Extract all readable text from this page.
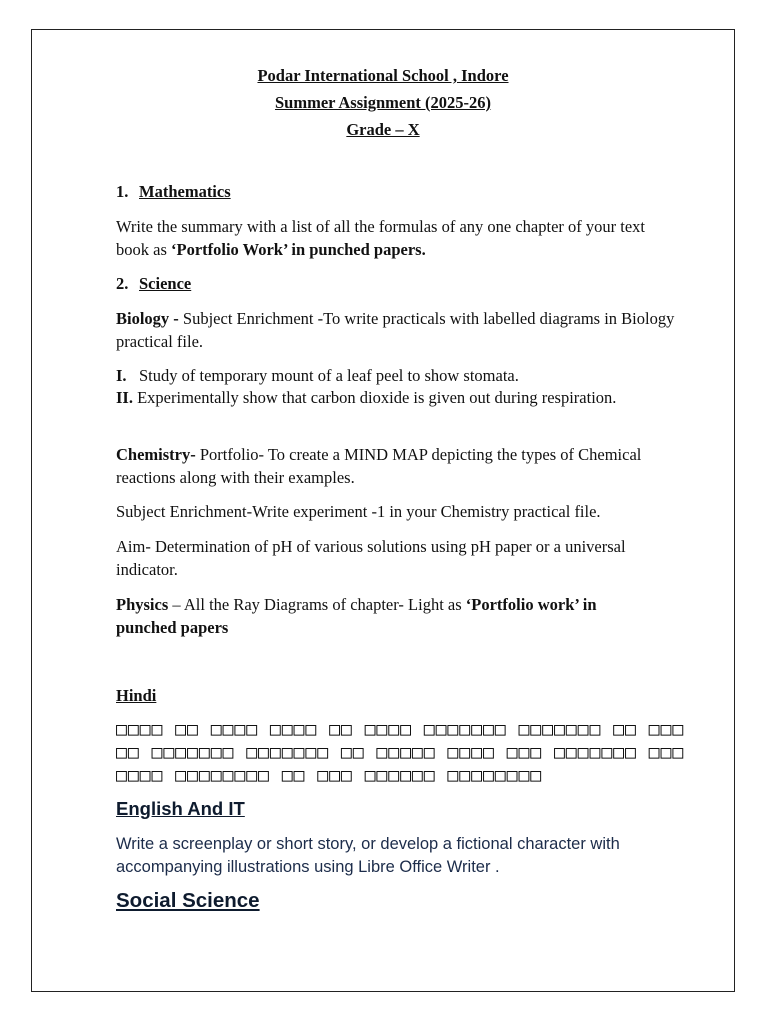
Podar International School , Indore
Summer Assignment (2025-26)
Grade – X
1. Mathematics
Write the summary with a list of all the formulas of any one chapter of your text book as ‘Portfolio Work’ in punched papers.
2. Science
Biology - Subject Enrichment -To write practicals with labelled diagrams in Biology practical file.
I. Study of temporary mount of a leaf peel to show stomata.
II. Experimentally show that carbon dioxide is given out during respiration.
Chemistry- Portfolio- To create a MIND MAP depicting the types of Chemical reactions along with their examples.
Subject Enrichment-Write experiment -1 in your Chemistry practical file.
Aim- Determination of pH of various solutions using pH paper or a universal indicator.
Physics – All the Ray Diagrams of chapter- Light as ‘Portfolio work’ in punched papers
Hindi
□□□□ □□ □□□□ □□□□ □□ □□□□ □□□□□□□ □□□□□□□ □□ □□□ □□ □□□□□□□ □□□□□□□ □□ □□□□□ □□□□ □□□ □□□□□□□ □□□□□□□ □□□□□□□□ □□ □□□ □□□□□□ □□□□□□□□
English And IT
Write a screenplay or short story, or develop a fictional character with accompanying illustrations using Libre Office Writer .
Social Science
